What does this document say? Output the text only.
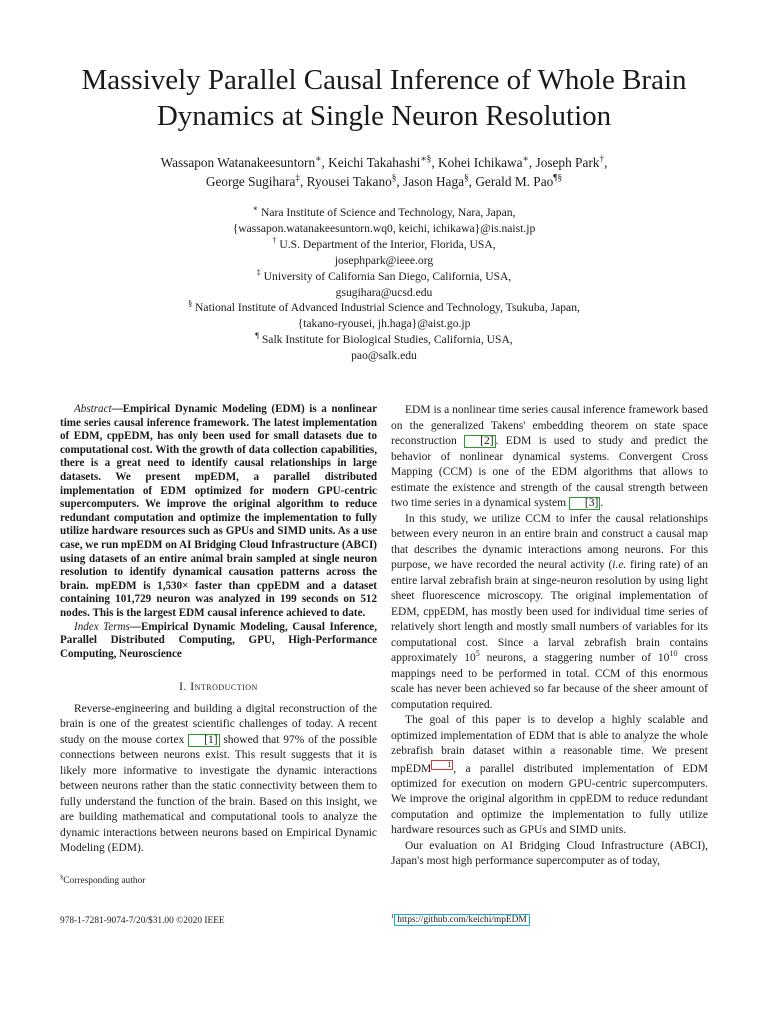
Massively Parallel Causal Inference of Whole Brain
Dynamics at Single Neuron Resolution
Wassapon Watanakeesuntorn∗, Keichi Takahashi∗§, Kohei Ichikawa∗, Joseph Park†,
George Sugihara‡, Ryousei Takano§, Jason Haga§, Gerald M. Pao¶§
∗ Nara Institute of Science and Technology, Nara, Japan,
{wassapon.watanakeesuntorn.wq0, keichi, ichikawa}@is.naist.jp
† U.S. Department of the Interior, Florida, USA,
josephpark@ieee.org
‡ University of California San Diego, California, USA,
gsugihara@ucsd.edu
§ National Institute of Advanced Industrial Science and Technology, Tsukuba, Japan,
{takano-ryousei, jh.haga}@aist.go.jp
¶ Salk Institute for Biological Studies, California, USA,
pao@salk.edu

Abstract—Empirical Dynamic Modeling (EDM) is a nonlinear time series causal inference framework. The latest implementation of EDM, cppEDM, has only been used for small datasets due to computational cost. With the growth of data collection capabilities, there is a great need to identify causal relationships in large datasets. We present mpEDM, a parallel distributed implementation of EDM optimized for modern GPU-centric supercomputers. We improve the original algorithm to reduce redundant computation and optimize the implementation to fully utilize hardware resources such as GPUs and SIMD units. As a use case, we run mpEDM on AI Bridging Cloud Infrastructure (ABCI) using datasets of an entire animal brain sampled at single neuron resolution to identify dynamical causation patterns across the brain. mpEDM is 1,530× faster than cppEDM and a dataset containing 101,729 neuron was analyzed in 199 seconds on 512 nodes. This is the largest EDM causal inference achieved to date.

Index Terms—Empirical Dynamic Modeling, Causal Inference, Parallel Distributed Computing, GPU, High-Performance Computing, Neuroscience

I. Introduction

Reverse-engineering and building a digital reconstruction of the brain is one of the greatest scientific challenges of today. A recent study on the mouse cortex [1] showed that 97% of the possible connections between neurons exist. This result suggests that it is likely more informative to investigate the dynamic interactions between neurons rather than the static connectivity between them to fully understand the function of the brain. Based on this insight, we are building mathematical and computational tools to analyze the dynamic interactions between neurons based on Empirical Dynamic Modeling (EDM).

§Corresponding author
978-1-7281-9074-7/20/$31.00 ©2020 IEEE

EDM is a nonlinear time series causal inference framework based on the generalized Takens' embedding theorem on state space reconstruction [2] . EDM is used to study and predict the behavior of nonlinear dynamical systems. Convergent Cross Mapping (CCM) is one of the EDM algorithms that allows to estimate the existence and strength of the causal strength between two time series in a dynamical system [3] .

In this study, we utilize CCM to infer the causal relationships between every neuron in an entire brain and construct a causal map that describes the dynamic interactions among neurons. For this purpose, we have recorded the neural activity (i.e. firing rate) of an entire larval zebrafish brain at singe-neuron resolution by using light sheet fluorescence microscopy. The original implementation of EDM, cppEDM, has mostly been used for individual time series of relatively short length and mostly small numbers of variables for its computational cost. Since a larval zebrafish brain contains approximately $10^5$ neurons, a staggering number of $10^{10}$ cross mappings need to be performed in total. CCM of this enormous scale has never been achieved so far because of the sheer amount of computation required.

The goal of this paper is to develop a highly scalable and optimized implementation of EDM that is able to analyze the whole zebrafish brain dataset within a reasonable time. We present mpEDM 1 , a parallel distributed implementation of EDM optimized for execution on modern GPU-centric supercomputers. We improve the original algorithm in cppEDM to reduce redundant computation and optimize the implementation to fully utilize hardware resources such as GPUs and SIMD units.

Our evaluation on AI Bridging Cloud Infrastructure (ABCI), Japan's most high performance supercomputer as of today,

$^1$ https://github.com/keichi/mpEDM
